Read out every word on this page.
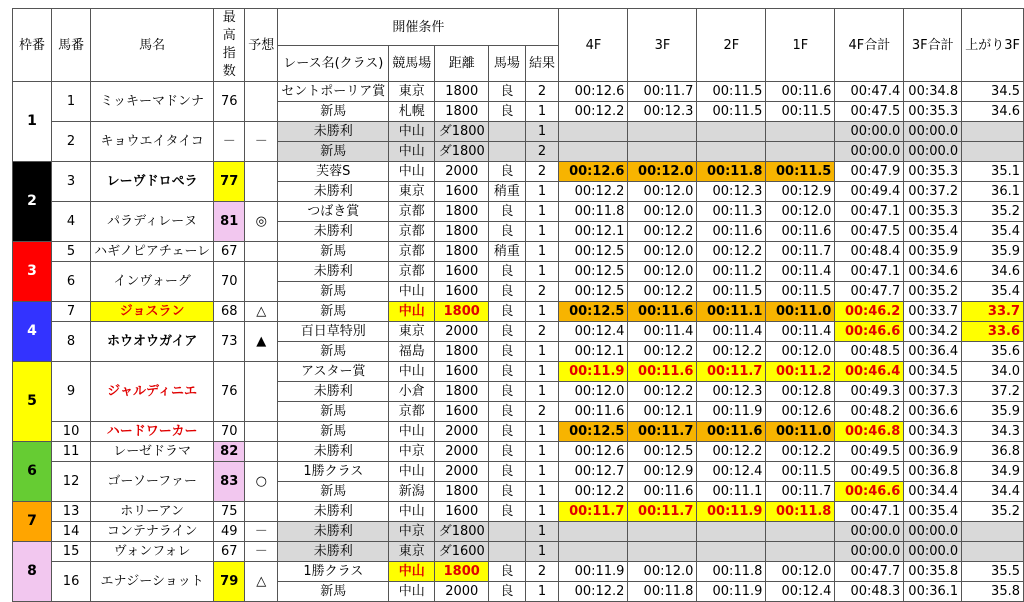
枠番	馬番	馬名	最高
指数	予想	開催条件					4F	3F	2F	1F	4F合計	3F合計	上がり3F
					レース名(クラス)	競馬場	距離	馬場	結果							
1	1	ミッキーマドンナ	76		セントポーリア賞	東京	1800	良	2	00:12.6	00:11.7	00:11.5	00:11.6	00:47.4	00:34.8	34.5
					新馬	札幌	1800	良	1	00:12.2	00:12.3	00:11.5	00:11.5	00:47.5	00:35.3	34.6
	2	キョウエイタイコ	－	－	未勝利	中山	ダ1800		1					00:00.0	00:00.0	
					新馬	中山	ダ1800		2					00:00.0	00:00.0	
2	3	レーヴドロペラ	77		芙蓉S	中山	2000	良	2	00:12.6	00:12.0	00:11.8	00:11.5	00:47.9	00:35.3	35.1
					未勝利	東京	1600	稍重	1	00:12.2	00:12.0	00:12.3	00:12.9	00:49.4	00:37.2	36.1
	4	パラディレーヌ	81	◎	つばき賞	京都	1800	良	1	00:11.8	00:12.0	00:11.3	00:12.0	00:47.1	00:35.3	35.2
					未勝利	京都	1800	良	1	00:12.1	00:12.2	00:11.6	00:11.6	00:47.5	00:35.4	35.4
3	5	ハギノピアチェーレ	67		新馬	京都	1800	稍重	1	00:12.5	00:12.0	00:12.2	00:11.7	00:48.4	00:35.9	35.9
	6	インヴォーグ	70		未勝利	京都	1600	良	1	00:12.5	00:12.0	00:11.2	00:11.4	00:47.1	00:34.6	34.6
					新馬	中山	1600	良	2	00:12.5	00:12.2	00:11.5	00:11.5	00:47.7	00:35.2	35.4
4	7	ジョスラン	68	△	新馬	中山	1800	良	1	00:12.5	00:11.6	00:11.1	00:11.0	00:46.2	00:33.7	33.7
	8	ホウオウガイア	73	▲	百日草特別	東京	2000	良	2	00:12.4	00:11.4	00:11.4	00:11.4	00:46.6	00:34.2	33.6
					新馬	福島	1800	良	1	00:12.1	00:12.2	00:12.2	00:12.0	00:48.5	00:36.4	35.6
5	9	ジャルディニエ	76		アスター賞	中山	1600	良	1	00:11.9	00:11.6	00:11.7	00:11.2	00:46.4	00:34.5	34.0
					未勝利	小倉	1800	良	1	00:12.0	00:12.2	00:12.3	00:12.8	00:49.3	00:37.3	37.2
					新馬	京都	1600	良	2	00:11.6	00:12.1	00:11.9	00:12.6	00:48.2	00:36.6	35.9
	10	ハードワーカー	70		新馬	中山	2000	良	1	00:12.5	00:11.7	00:11.6	00:11.0	00:46.8	00:34.3	34.3
6	11	レーゼドラマ	82		未勝利	中京	2000	良	1	00:12.6	00:12.5	00:12.2	00:12.2	00:49.5	00:36.9	36.8
	12	ゴーソーファー	83	○	1勝クラス	中山	2000	良	1	00:12.7	00:12.9	00:12.4	00:11.5	00:49.5	00:36.8	34.9
					新馬	新潟	1800	良	1	00:12.2	00:11.6	00:11.1	00:11.7	00:46.6	00:34.4	34.4
7	13	ホリーアン	75		未勝利	中山	1600	良	1	00:11.7	00:11.7	00:11.9	00:11.8	00:47.1	00:35.4	35.2
	14	コンテナライン	49	－	未勝利	中京	ダ1800		1					00:00.0	00:00.0	
8	15	ヴォンフォレ	67	－	未勝利	東京	ダ1600		1					00:00.0	00:00.0	
	16	エナジーショット	79	△	1勝クラス	中山	1800	良	2	00:11.9	00:12.0	00:11.8	00:12.0	00:47.7	00:35.8	35.5
					新馬	中山	2000	良	1	00:12.2	00:11.8	00:11.9	00:12.4	00:48.3	00:36.1	35.8
